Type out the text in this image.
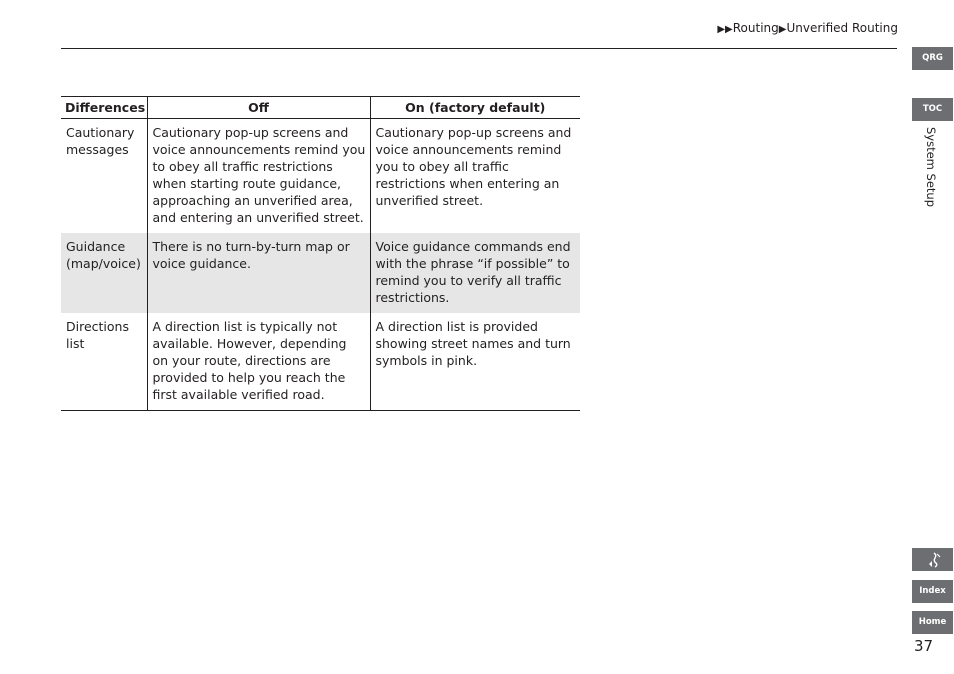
▶▶Routing▶Unverified Routing
Differences	Off	On (factory default)
Cautionary messages	Cautionary pop-up screens and voice announcements remind you to obey all traffic restrictions when starting route guidance, approaching an unverified area, and entering an unverified street.	Cautionary pop-up screens and voice announcements remind you to obey all traffic restrictions when entering an unverified street.
Guidance (map/voice)	There is no turn-by-turn map or voice guidance.	Voice guidance commands end with the phrase “if possible” to remind you to verify all traffic restrictions.
Directions list	A direction list is typically not available. However, depending on your route, directions are provided to help you reach the first available verified road.	A direction list is provided showing street names and turn symbols in pink.
QRG
TOC
System Setup
Index
Home
37
